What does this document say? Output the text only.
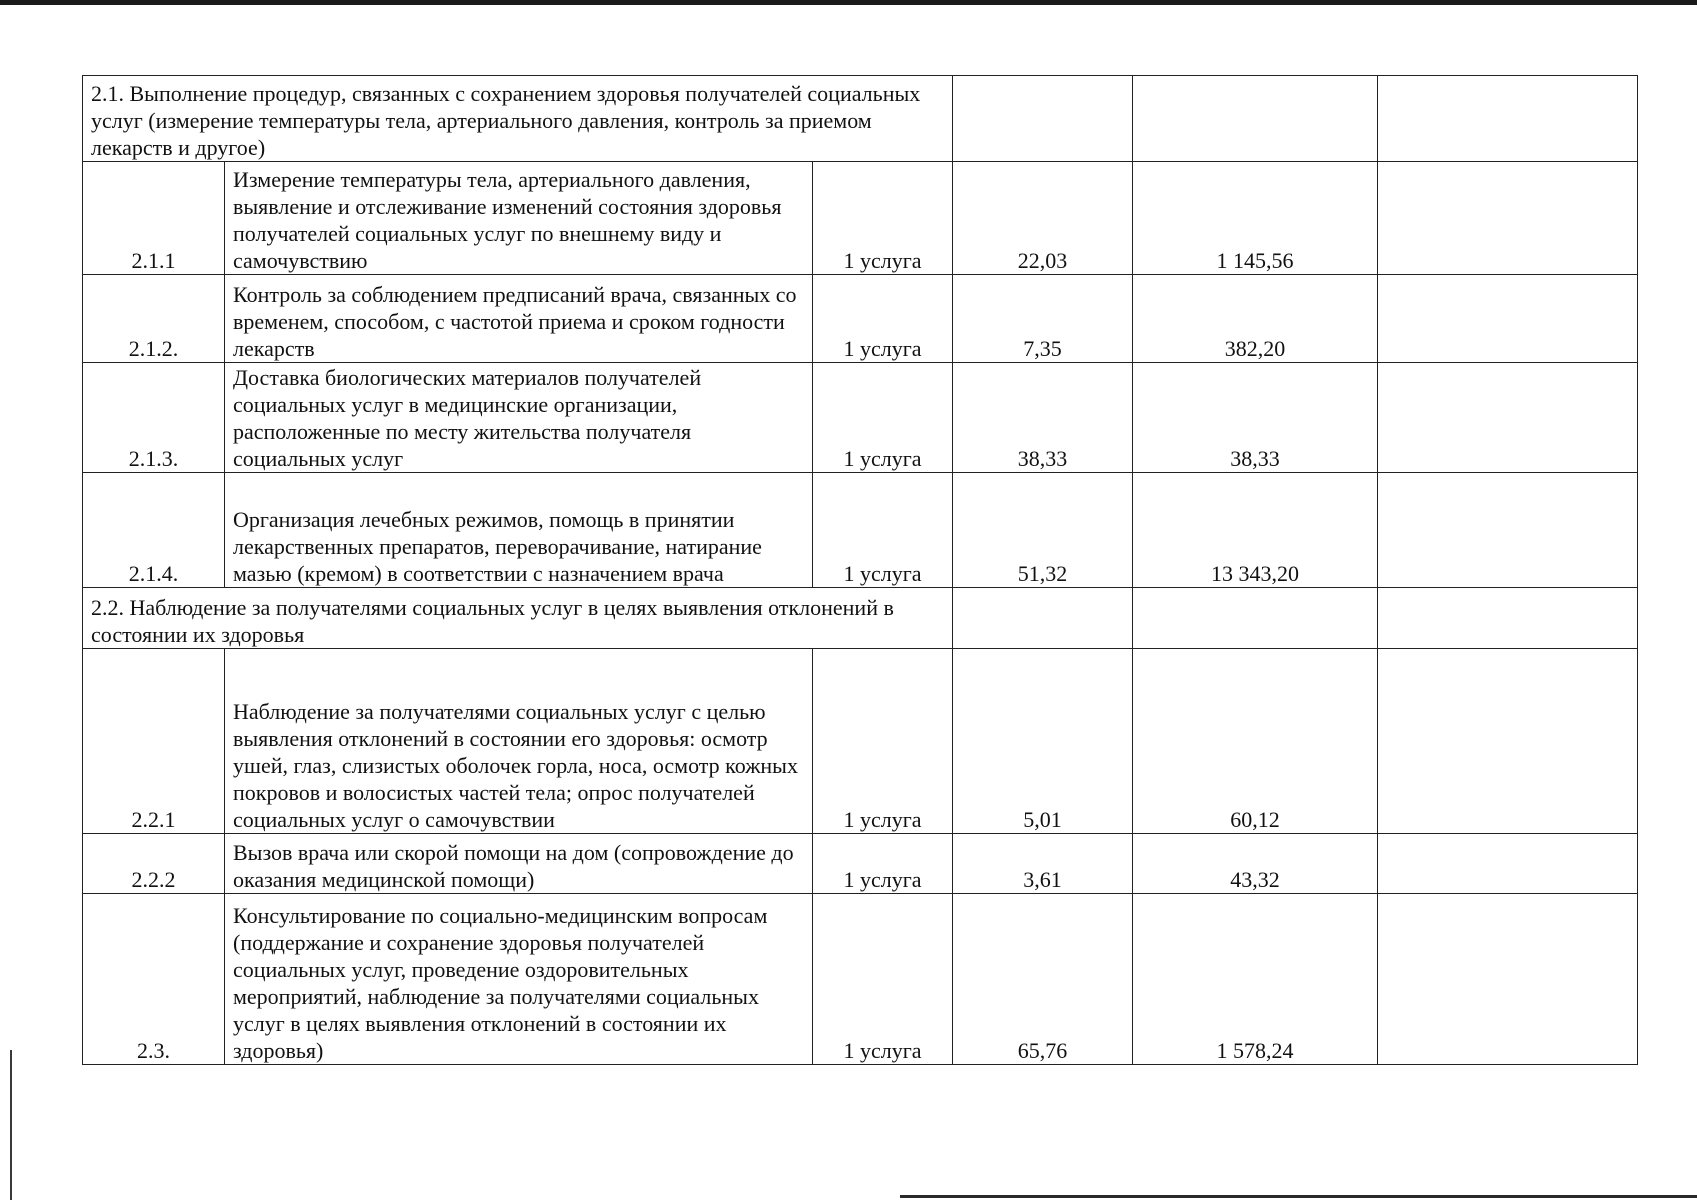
2.1. Выполнение процедур, связанных с сохранением здоровья получателей социальных услуг (измерение температуры тела, артериального давления, контроль за приемом лекарств и другое)					
2.1.1	Измерение температуры тела, артериального давления, выявление и отслеживание изменений состояния здоровья получателей социальных услуг по внешнему виду и самочувствию	1 услуга	22,03	1 145,56	
2.1.2.	Контроль за соблюдением предписаний врача, связанных со временем, способом, с частотой приема и сроком годности лекарств	1 услуга	7,35	382,20	
2.1.3.	Доставка биологических материалов получателей социальных услуг в медицинские организации, расположенные по месту жительства получателя социальных услуг	1 услуга	38,33	38,33	
2.1.4.	Организация лечебных режимов, помощь в принятии лекарственных препаратов, переворачивание, натирание мазью (кремом) в соответствии с назначением врача	1 услуга	51,32	13 343,20	
2.2. Наблюдение за получателями социальных услуг в целях выявления отклонений в состоянии их здоровья					
2.2.1	Наблюдение за получателями социальных услуг с целью выявления отклонений в состоянии его здоровья: осмотр ушей, глаз, слизистых оболочек горла, носа, осмотр кожных покровов и волосистых частей тела; опрос получателей социальных услуг о самочувствии	1 услуга	5,01	60,12	
2.2.2	Вызов врача или скорой помощи на дом (сопровождение до оказания медицинской помощи)	1 услуга	3,61	43,32	
2.3.	Консультирование по социально-медицинским вопросам (поддержание и сохранение здоровья получателей социальных услуг, проведение оздоровительных мероприятий, наблюдение за получателями социальных услуг в целях выявления отклонений в состоянии их здоровья)	1 услуга	65,76	1 578,24	
